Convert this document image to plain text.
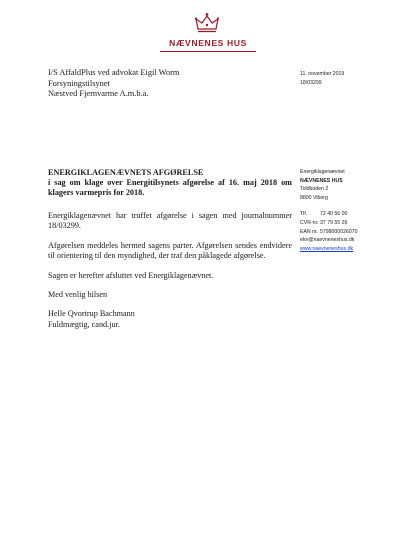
NÆVNENES HUS
I/S AffaldPlus ved advokat Eigil Worm
Forsyningstilsynet
Næstved Fjernvarme A.m.b.a.
11. november 2019
18/03299
ENERGIKLAGENÆVNETS AFGØRELSE
i sag om klage over Energitilsynets afgørelse af 16. maj 2018 om klagers varmepris for 2018.

Energiklagenævnet har truffet afgørelse i sagen med journalnummer 18/03299.

Afgørelsen meddeles hermed sagens parter. Afgørelsen sendes endvidere til orientering til den myndighed, der traf den påklagede afgørelse.

Sagen er herefter afsluttet ved Energiklagenævnet.

Med venlig hilsen

Helle Qvortrup Bachmann
Fuldmægtig, cand.jur.
Energiklagenævnet
NÆVNENES HUS
Toldboden 2
8800 Viborg
Tlf.	72 40 56 00
CVR-nr. 37 79 55 26
EAN nr. 5798000026070
ekn@naevneneshus.dk
www.naevneneshus.dk
